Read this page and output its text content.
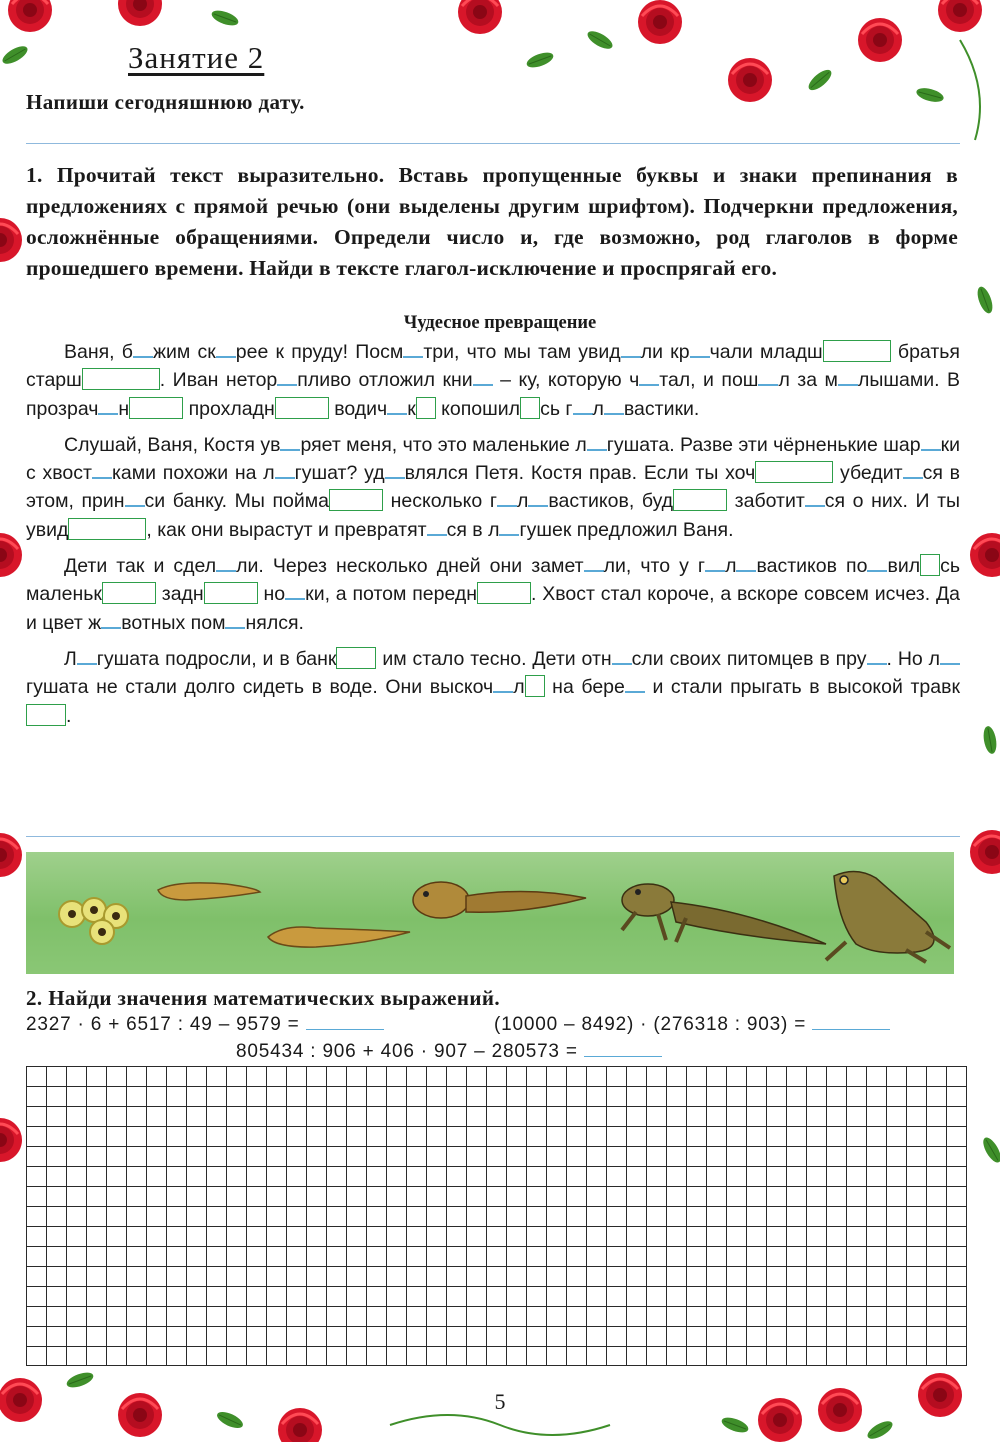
Занятие 2
Напиши сегодняшнюю дату.
1. Прочитай текст выразительно. Вставь пропущенные буквы и знаки препинания в предложениях с прямой речью (они выделены другим шрифтом). Подчеркни предложения, осложнённые обращениями. Определи число и, где возможно, род глаголов в форме прошедшего времени. Найди в тексте глагол-исключение и проспрягай его.
Чудесное превращение

Ваня, б жим ск рее к пруду! Посм три, что мы там увид ли кр чали младш	братья старш	. Иван нетор пливо отложил кни – ку, которую ч тал, и пош л за м лышами. В прозрач н	прохладн	водич к копошил сь г л вастики.

Слушай, Ваня, Костя ув ряет меня, что это маленькие л гушата. Разве эти чёрненькие шар ки с хвост ками похожи на л гушат? уд влялся Петя. Костя прав. Если ты хоч	убедит ся в этом, прин си банку. Мы пойма	несколько г л вастиков, буд	заботит ся о них. И ты увид	, как они вырастут и превратят ся в л гушек предложил Ваня.

Дети так и сдел ли. Через несколько дней они замет ли, что у г л вастиков по вил сь маленьк	задн	но ки, а потом передн	. Хвост стал короче, а вскоре совсем исчез. Да и цвет ж вотных пом нялся.

Л гушата подросли, и в банк им стало тесно. Дети отн сли своих питомцев в пру . Но лгушата не стали долго сидеть в воде. Они выскоч л на бере и стали прыгать в высокой травк.

2. Найди значения математических выражений.
2327 · 6 + 6517 : 49 – 9579 =	(10000 – 8492) · (276318 : 903) =
805434 : 906 + 406 · 907 – 280573 =
5
